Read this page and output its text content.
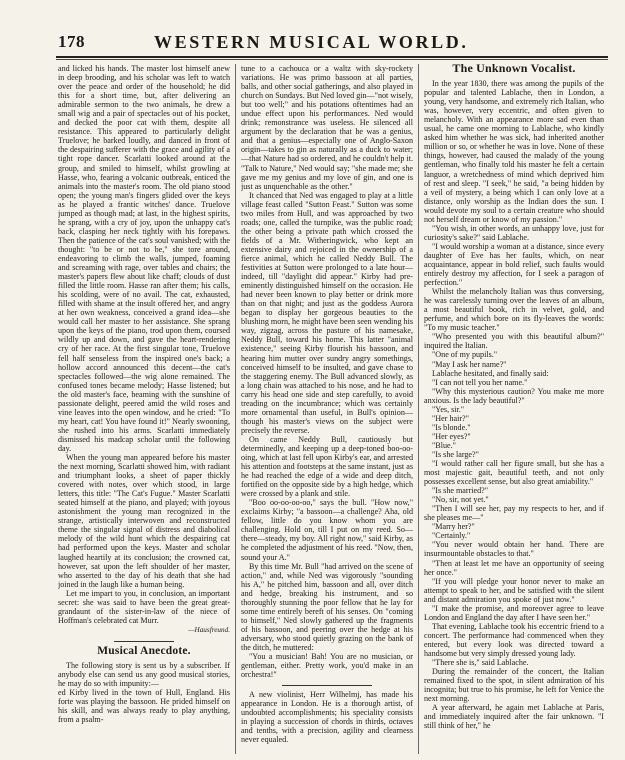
178	WESTERN MUSICAL WORLD.

and licked his hands. The master lost himself anew in deep brooding, and his scholar was left to watch over the peace and order of the household; he did this for a short time, but, after delivering an admirable sermon to the two animals, he drew a small wig and a pair of spectacles out of his pocket, and decked the poor cat with them, despite all resistance. This appeared to particularly delight Truelove; he barked loudly, and danced in front of the despairing sufferer with the grace and agility of a tight rope dancer. Scarlatti looked around at the group, and smiled to himself, whilst growling at Hasse, who, fearing a volcanic outbreak, enticed the animals into the master's room. The old piano stood open; the young man's fingers glided over the keys as he played a frantic witches' dance. Truelove jumped as though mad; at last, in the highest spirits, he sprang, with a cry of joy, upon the unhappy cat's back, clasping her neck tightly with his forepaws. Then the patience of the cat's soul vanished; with the thought: "to be or not to be," she tore around, endeavoring to climb the walls, jumped, foaming and screaming with rage, over tables and chairs; the master's papers flew about like chaff; clouds of dust filled the little room. Hasse ran after them; his calls, his scolding, were of no avail. The cat, exhausted, filled with shame at the insult offered her, and angry at her own weakness, conceived a grand idea—she would call her master to her assistance. She sprang upon the keys of the piano, trod upon them, coursed wildly up and down, and gave the heart-rendering cry of her race. At the first singular tone, Truelove fell half senseless from the inspired one's back; a hollow accord announced this decent—the cat's spectacles followed—the wig alone remained. The confused tones became melody; Hasse listened; but the old master's face, beaming with the sunshine of passionate delight, peered amid the wild roses and vine leaves into the open window, and he cried: "To my heart, cat! You have found it!" Nearly swooning, she rushed into his arms. Scarlatti immediately dismissed his madcap scholar until the following day.

When the young man appeared before his master the next morning, Scarlatti showed him, with radiant and triumphant looks, a sheet of paper thickly covered with notes, over which stood, in large letters, this title: "The Cat's Fugue." Master Scarlatti seated himself at the piano, and played; with joyous astonishment the young man recognized in the strange, artistically interwoven and reconstructed theme the singular signal of distress and diabolical melody of the wild hunt which the despairing cat had performed upon the keys. Master and scholar laughed heartily at its conclusion; the crowned cat, however, sat upon the left shoulder of her master, who asserted to the day of his death that she had joined in the laugh like a human being.

Let me impart to you, in conclusion, an important secret: she was said to have been the great great-grandaunt of the sister-in-law of the niece of Hoffman's celebrated cat Murr.

—Hausfreund.
Musical Anecdote.

The following story is sent us by a subscriber. If anybody else can send us any good musical stories, he may do so with impunity:—

ed Kirby lived in the town of Hull, England. His forte was playing the bassoon. He prided himself on his skill, and was always ready to play anything, from a psalm-

tune to a cachouca or a waltz with sky-rockety variations. He was primo bassoon at all parties, balls, and other social gatherings, and also played in church on Sundays. But Ned loved gin—"not wisely, but too well;" and his potations oftentimes had an undue effect upon his performances. Ned would drink; remonstrance was useless. He silenced all argument by the declaration that he was a genius, and that a genius—especially one of Anglo-Saxon origin—takes to gin as naturally as a duck to water;—that Nature had so ordered, and he couldn't help it. "Talk to Nature," Ned would say; "she made me; she gave me my genius and my love of gin, and one is just as unquenchable as the other."

It chanced that Ned was engaged to play at a little village feast called "Sutton Feast." Sutton was some two miles from Hull, and was approached by two roads; one, called the turnpike, was the public road; the other being a private path which crossed the fields of a Mr. Witheringwick, who kept an extensive dairy and rejoiced in the ownership of a fierce animal, which he called Neddy Bull. The festivities at Sutton were prolonged to a late hour—indeed, till "daylight did appear." Kirby had pre-eminently distinguished himself on the occasion. He had never been known to play better or drink more than on that night; and just as the goddess Aurora began to display her gorgeous beauties to the blushing morn, he might have been seen wending his way, zigzag, across the pasture of his namesake, Neddy Bull, toward his home. This latter "animal existence," seeing Kirby flourish his bassoon, and hearing him mutter over sundry angry somethings, conceived himself to be insulted, and gave chase to the staggering enemy. The Bull advanced slowly, as a long chain was attached to his nose, and he had to carry his head one side and step carefully, to avoid treading on the incumbrance; which was certainly more ornamental than useful, in Bull's opinion—though his master's views on the subject were precisely the reverse.

On came Neddy Bull, cautiously but determinedly, and keeping up a deep-toned boo-oo-oing, which at last fell upon Kirby's ear, and arrested his attention and footsteps at the same instant, just as he had reached the edge of a wide and deep ditch, fortified on the opposite side by a high hedge, which were crossed by a plank and stile.

"Boo oo-oo-oo-oo," says the bull. "How now," exclaims Kirby; "a bassoon—a challenge? Aha, old fellow, little do you know whom you are challenging. Hold on, till I put on my reed. So—there—steady, my boy. All right now," said Kirby, as he completed the adjustment of his reed. "Now, then, sound your A."

By this time Mr. Bull "had arrived on the scene of action," and, while Ned was vigorously "sounding his A," he pitched him, bassoon and all, over ditch and hedge, breaking his instrument, and so thoroughly stunning the poor fellow that he lay for some time entirely bereft of his senses. On "coming to himself," Ned slowly gathered up the fragments of his bassoon, and peering over the hedge at his adversary, who stood quietly grazing on the bank of the ditch, he muttered:

"You a musician! Bah! You are no musician, or gentleman, either. Pretty work, you'd make in an orchestra!"

A new violinist, Herr Wilhelmj, has made his appearance in London. He is a thorough artist, of undoubted accomplishments; his speciality consists in playing a succession of chords in thirds, octaves and tenths, with a precision, agility and clearness never equaled.

The Unknown Vocalist.

In the year 1830, there was among the pupils of the popular and talented Lablache, then in London, a young, very handsome, and extremely rich Italian, who was, however, very eccentric, and often given to melancholy. With an appearance more sad even than usual, he came one morning to Lablache, who kindly asked him whether he was sick, had inherited another million or so, or whether he was in love. None of these things, however, had caused the malady of the young gentleman, who finally told his master he felt a certain languor, a wretchedness of mind which deprived him of rest and sleep. "I seek," he said, "a being hidden by a veil of mystery, a being which I can only love at a distance, only worship as the Indian does the sun. I would devote my soul to a certain creature who should not herself dream or know of my passion."

"You wish, in other words, an unhappy love, just for curiosity's sake?" said Lablache.

"I would worship a woman at a distance, since every daughter of Eve has her faults, which, on near acquaintance, appear in bold relief, such faults would entirely destroy my affection, for I seek a paragon of perfection."

Whilst the melancholy Italian was thus conversing, he was carelessly turning over the leaves of an album, a most beautiful book, rich in velvet, gold, and perfume, and which bore on its fly-leaves the words: "To my music teacher."

"Who presented you with this beautiful album?" inquired the Italian.

"One of my pupils."

"May I ask her name?"

Lablache hesitated, and finally said:

"I can not tell you her name."

"Why this mysterious caution? You make me more anxious. Is the lady beautiful?"

"Yes, sir."

"Her hair?"

"Is blonde."

"Her eyes?"

"Blue."

"Is she large?"

"I would rather call her figure small, but she has a most majestic gait, beautiful teeth, and not only possesses excellent sense, but also great amiability."

"Is she married?"

"No, sir, not yet."

"Then I will see her, pay my respects to her, and if she pleases me—"

"Marry her?"

"Certainly."

"You never would obtain her hand. There are insurmountable obstacles to that."

"Then at least let me have an opportunity of seeing her once."

"If you will pledge your honor never to make an attempt to speak to her, and be satisfied with the silent and distant admiration you spoke of just now."

"I make the promise, and moreover agree to leave London and England the day after I have seen her."

That evening, Lablache took his eccentric friend to a concert. The performance had commenced when they entered, but every look was directed toward a handsome but very simply dressed young lady.

"There she is," said Lablache.

During the remainder of the concert, the Italian remained fixed to the spot, in silent admiration of his incognita; but true to his promise, he left for Venice the next morning.

A year afterward, he again met Lablache at Paris, and immediately inquired after the fair unknown. "I still think of her," he
